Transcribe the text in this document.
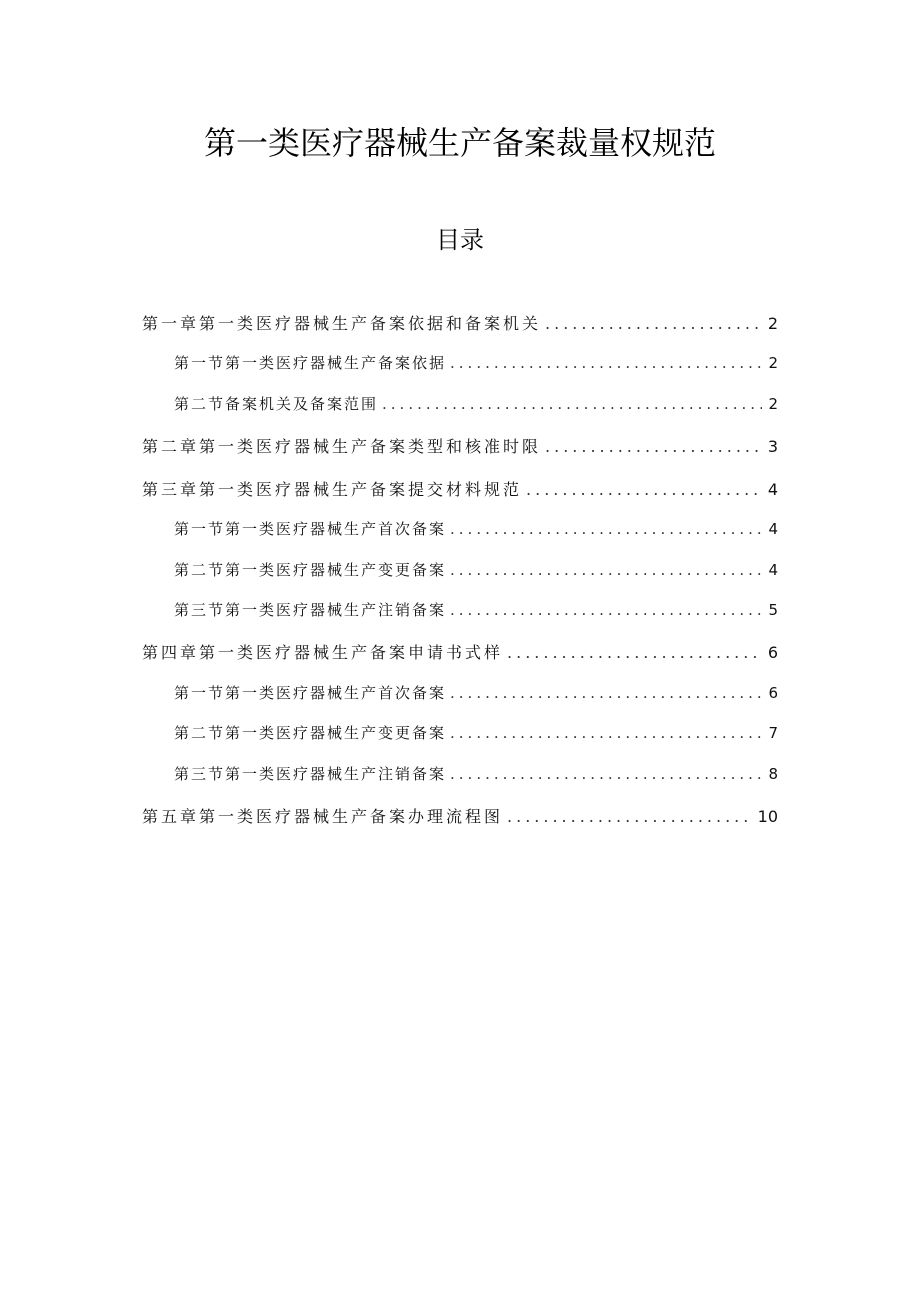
第一类医疗器械生产备案裁量权规范
目录
第一章第一类医疗器械生产备案依据和备案机关 .....	2
第一节第一类医疗器械生产备案依据 .....	2
第二节备案机关及备案范围 .....	2
第二章第一类医疗器械生产备案类型和核准时限 .....	3
第三章第一类医疗器械生产备案提交材料规范 .....	4
第一节第一类医疗器械生产首次备案 .....	4
第二节第一类医疗器械生产变更备案 .....	4
第三节第一类医疗器械生产注销备案 .....	5
第四章第一类医疗器械生产备案申请书式样 .....	6
第一节第一类医疗器械生产首次备案 .....	6
第二节第一类医疗器械生产变更备案 .....	7
第三节第一类医疗器械生产注销备案 .....	8
第五章第一类医疗器械生产备案办理流程图 .....	10
